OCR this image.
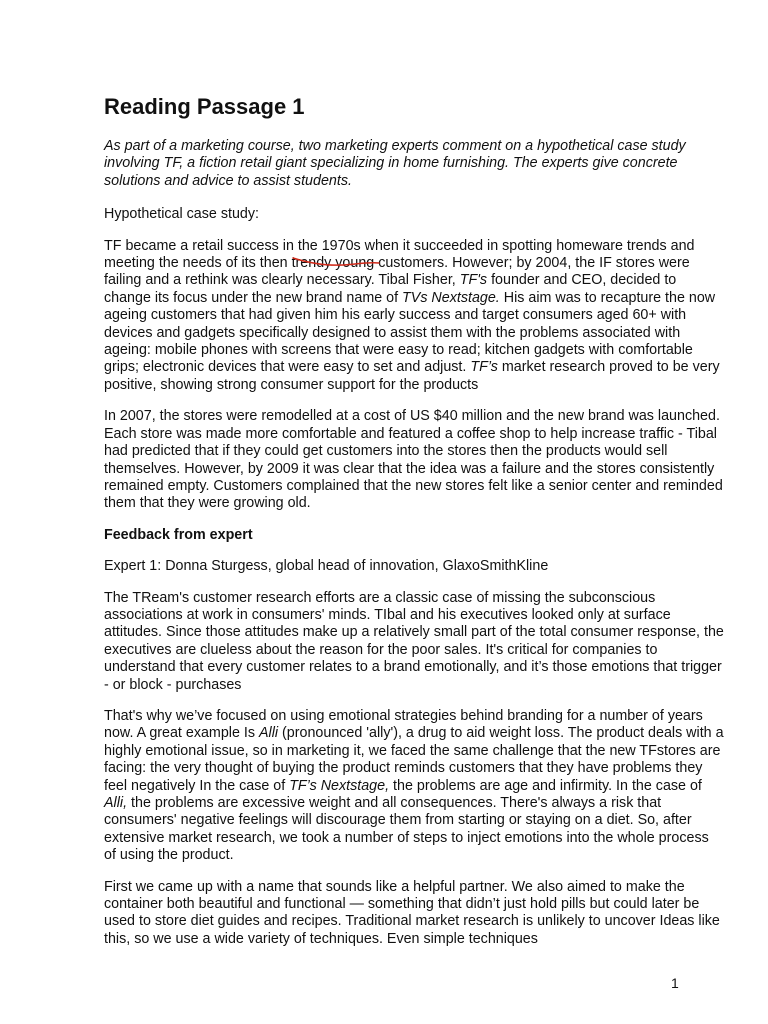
Reading Passage 1

As part of a marketing course, two marketing experts comment on a hypothetical case study involving TF, a fiction retail giant specializing in home furnishing. The experts give concrete solutions and advice to assist students.

Hypothetical case study:

TF became a retail success in the 1970s when it succeeded in spotting homeware trends and meeting the needs of its then trendy young customers. However; by 2004, the IF stores were failing and a rethink was clearly necessary. Tibal Fisher, TF's founder and CEO, decided to change its focus under the new brand name of TVs Nextstage. His aim was to recapture the now ageing customers that had given him his early success and target consumers aged 60+ with devices and gadgets specifically designed to assist them with the problems associated with ageing: mobile phones with screens that were easy to read; kitchen gadgets with comfortable grips; electronic devices that were easy to set and adjust. TF’s market research proved to be very positive, showing strong consumer support for the products

In 2007, the stores were remodelled at a cost of US $40 million and the new brand was launched. Each store was made more comfortable and featured a coffee shop to help increase traffic - Tibal had predicted that if they could get customers into the stores then the products would sell themselves. However, by 2009 it was clear that the idea was a failure and the stores consistently remained empty. Customers complained that the new stores felt like a senior center and reminded them that they were growing old.

Feedback from expert

Expert 1: Donna Sturgess, global head of innovation, GlaxoSmithKline

The TReam's customer research efforts are a classic case of missing the subconscious associations at work in consumers' minds. TIbal and his executives looked only at surface attitudes. Since those attitudes make up a relatively small part of the total consumer response, the executives are clueless about the reason for the poor sales. It's critical for companies to understand that every customer relates to a brand emotionally, and it’s those emotions that trigger - or block - purchases

That's why we’ve focused on using emotional strategies behind branding for a number of years now. A great example Is Alli (pronounced 'ally'), a drug to aid weight loss. The product deals with a highly emotional issue, so in marketing it, we faced the same challenge that the new TFstores are facing: the very thought of buying the product reminds customers that they have problems they feel negatively In the case of TF’s Nextstage, the problems are age and infirmity. In the case of Alli, the problems are excessive weight and all consequences. There's always a risk that consumers' negative feelings will discourage them from starting or staying on a diet. So, after extensive market research, we took a number of steps to inject emotions into the whole process of using the product.

First we came up with a name that sounds like a helpful partner. We also aimed to make the container both beautiful and functional — something that didn’t just hold pills but could later be used to store diet guides and recipes. Traditional market research is unlikely to uncover Ideas like this, so we use a wide variety of techniques. Even simple techniques

1
